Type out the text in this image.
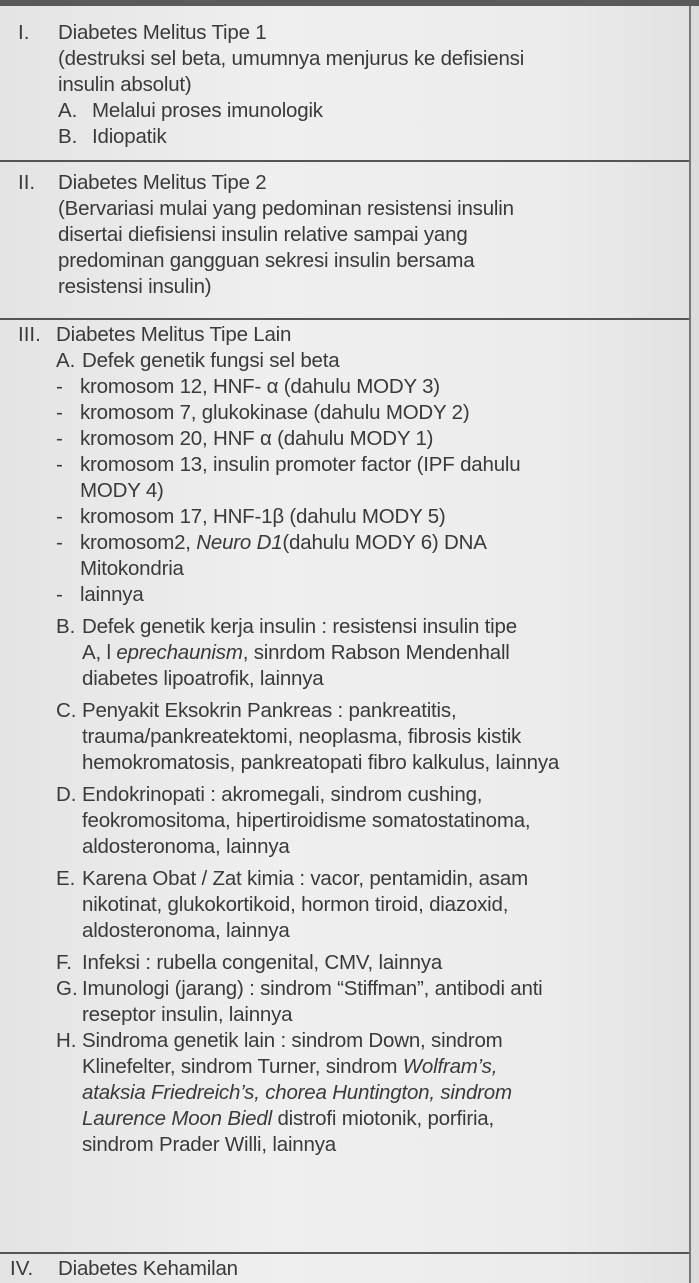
I.	Diabetes Melitus Tipe 1
(destruksi sel beta, umumnya menjurus ke defisiensi
insulin absolut)
A. Melalui proses imunologik
B. Idiopatik
II.	Diabetes Melitus Tipe 2
(Bervariasi mulai yang pedominan resistensi insulin
disertai diefisiensi insulin relative sampai yang
predominan gangguan sekresi insulin bersama
resistensi insulin)
III. Diabetes Melitus Tipe Lain
A. Defek genetik fungsi sel beta
- kromosom 12, HNF- α (dahulu MODY 3)
- kromosom 7, glukokinase (dahulu MODY 2)
- kromosom 20, HNF α (dahulu MODY 1)
- kromosom 13, insulin promoter factor (IPF dahulu
MODY 4)
- kromosom 17, HNF-1β (dahulu MODY 5)
- kromosom2, Neuro D1(dahulu MODY 6) DNA
Mitokondria
- lainnya
B. Defek genetik kerja insulin : resistensi insulin tipe
A, l eprechaunism, sinrdom Rabson Mendenhall
diabetes lipoatrofik, lainnya
C. Penyakit Eksokrin Pankreas : pankreatitis,
trauma/pankreatektomi, neoplasma, fibrosis kistik
hemokromatosis, pankreatopati fibro kalkulus, lainnya
D. Endokrinopati : akromegali, sindrom cushing,
feokromositoma, hipertiroidisme somatostatinoma,
aldosteronoma, lainnya
E. Karena Obat / Zat kimia : vacor, pentamidin, asam
nikotinat, glukokortikoid, hormon tiroid, diazoxid,
aldosteronoma, lainnya
F. Infeksi : rubella congenital, CMV, lainnya
G. Imunologi (jarang) : sindrom “Stiffman”, antibodi anti
reseptor insulin, lainnya
H. Sindroma genetik lain : sindrom Down, sindrom
Klinefelter, sindrom Turner, sindrom Wolfram’s,
ataksia Friedreich’s, chorea Huntington, sindrom
Laurence Moon Biedl distrofi miotonik, porfiria,
sindrom Prader Willi, lainnya
IV.	Diabetes Kehamilan
